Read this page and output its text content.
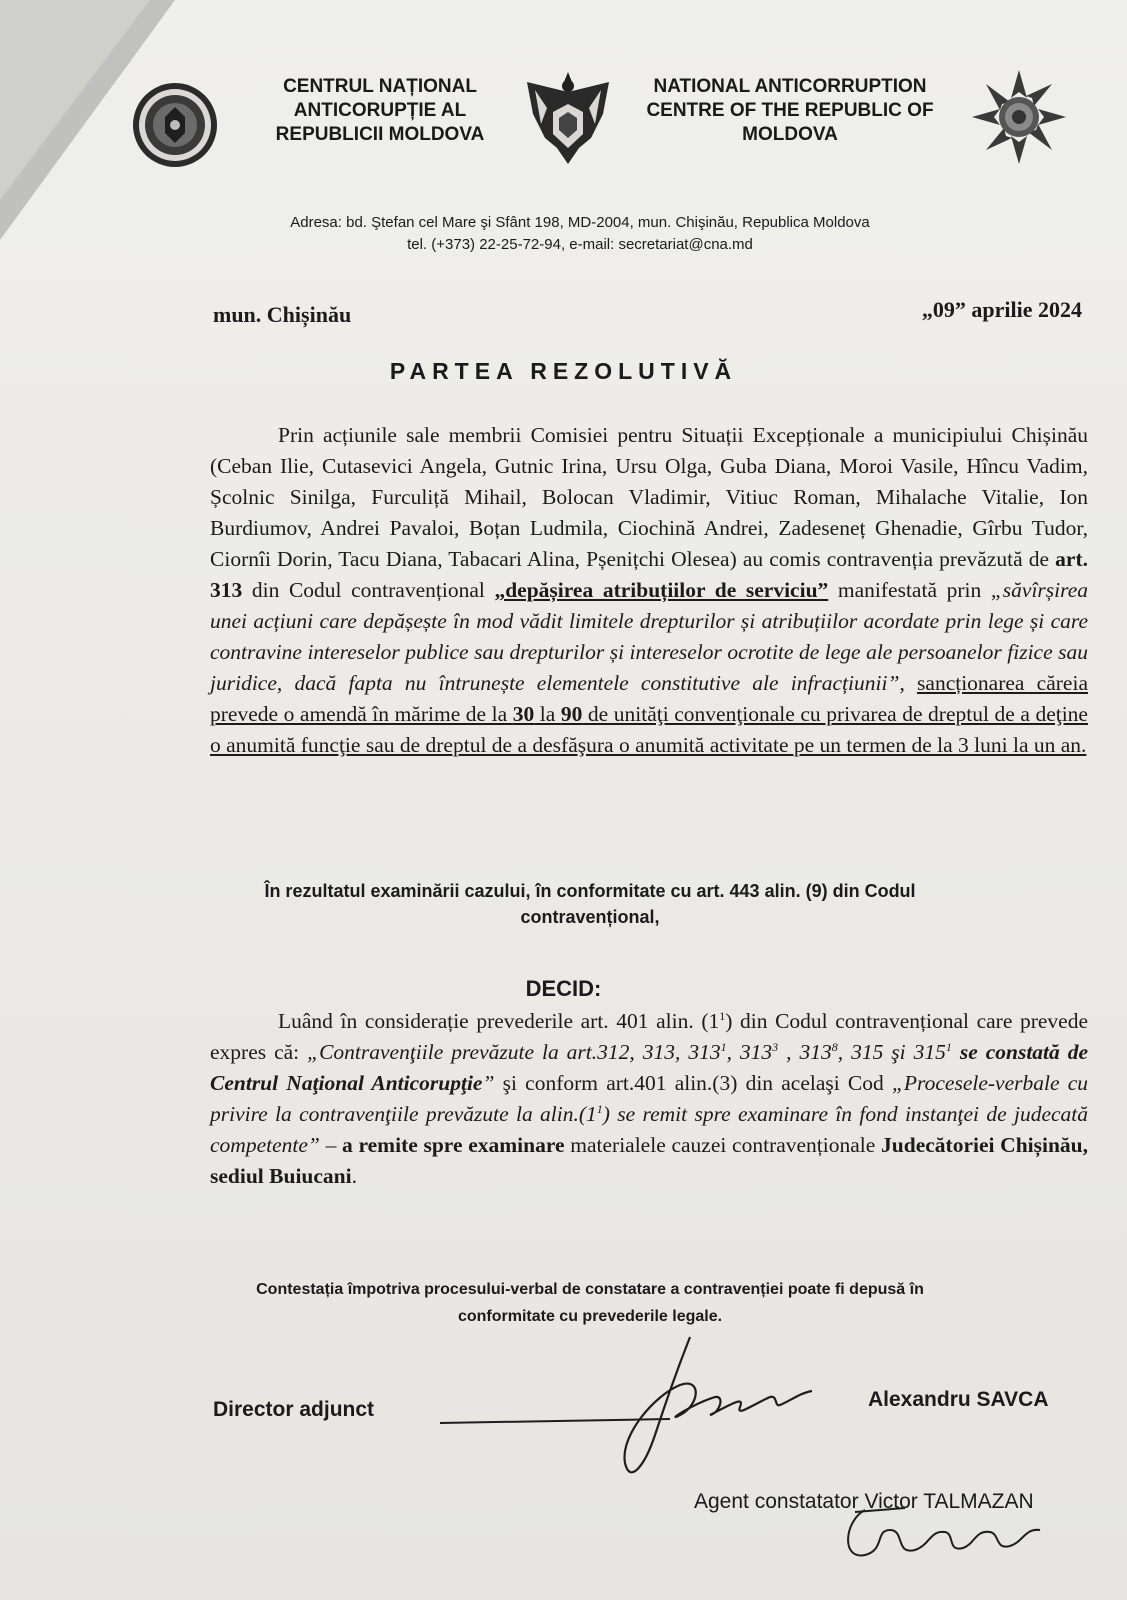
CENTRUL NAȚIONAL
ANTICORUPȚIE AL
REPUBLICII MOLDOVA
NATIONAL ANTICORRUPTION
CENTRE OF THE REPUBLIC OF
MOLDOVA
Adresa: bd. Ştefan cel Mare şi Sfânt 198, MD-2004, mun. Chişinău, Republica Moldova
tel. (+373) 22-25-72-94, e-mail: secretariat@cna.md
mun. Chișinău	„09” aprilie 2024
PARTEA REZOLUTIVĂ
Prin acțiunile sale membrii Comisiei pentru Situații Excepționale a municipiului Chișinău (Ceban Ilie, Cutasevici Angela, Gutnic Irina, Ursu Olga, Guba Diana, Moroi Vasile, Hîncu Vadim, Școlnic Sinilga, Furculiță Mihail, Bolocan Vladimir, Vitiuc Roman, Mihalache Vitalie, Ion Burdiumov, Andrei Pavaloi, Boțan Ludmila, Ciochină Andrei, Zadeseneț Ghenadie, Gîrbu Tudor, Ciornîi Dorin, Tacu Diana, Tabacari Alina, Pșenițchi Olesea) au comis contravenția prevăzută de art. 313 din Codul contravențional „depășirea atribuțiilor de serviciu” manifestată prin „săvîrșirea unei acțiuni care depășește în mod vădit limitele drepturilor și atribuțiilor acordate prin lege și care contravine intereselor publice sau drepturilor și intereselor ocrotite de lege ale persoanelor fizice sau juridice, dacă fapta nu întrunește elementele constitutive ale infracțiunii”, sancționarea căreia prevede o amendă în mărime de la 30 la 90 de unităţi convenţionale cu privarea de dreptul de a deţine o anumită funcţie sau de dreptul de a desfăşura o anumită activitate pe un termen de la 3 luni la un an.
În rezultatul examinării cazului, în conformitate cu art. 443 alin. (9) din Codul
contravențional,
DECID:
Luând în considerație prevederile art. 401 alin. $(1^1)$ din Codul contravențional care prevede expres că: „Contravenţiile prevăzute la art.312, 313, $313^1$, $313^3$ , $313^8$, 315 şi $315^1$ se constată de Centrul Naţional Anticorupţie” şi conform art.401 alin.(3) din acelaşi Cod „Procesele-verbale cu privire la contravenţiile prevăzute la $alin.(1^1)$ se remit spre examinare în fond instanţei de judecată competente” – a remite spre examinare materialele cauzei contravenționale Judecătoriei Chișinău, sediul Buiucani.
Contestația împotriva procesului-verbal de constatare a contravenției poate fi depusă în
conformitate cu prevederile legale.
Director adjunct	Alexandru SAVCA
Agent constatator Victor TALMAZAN
